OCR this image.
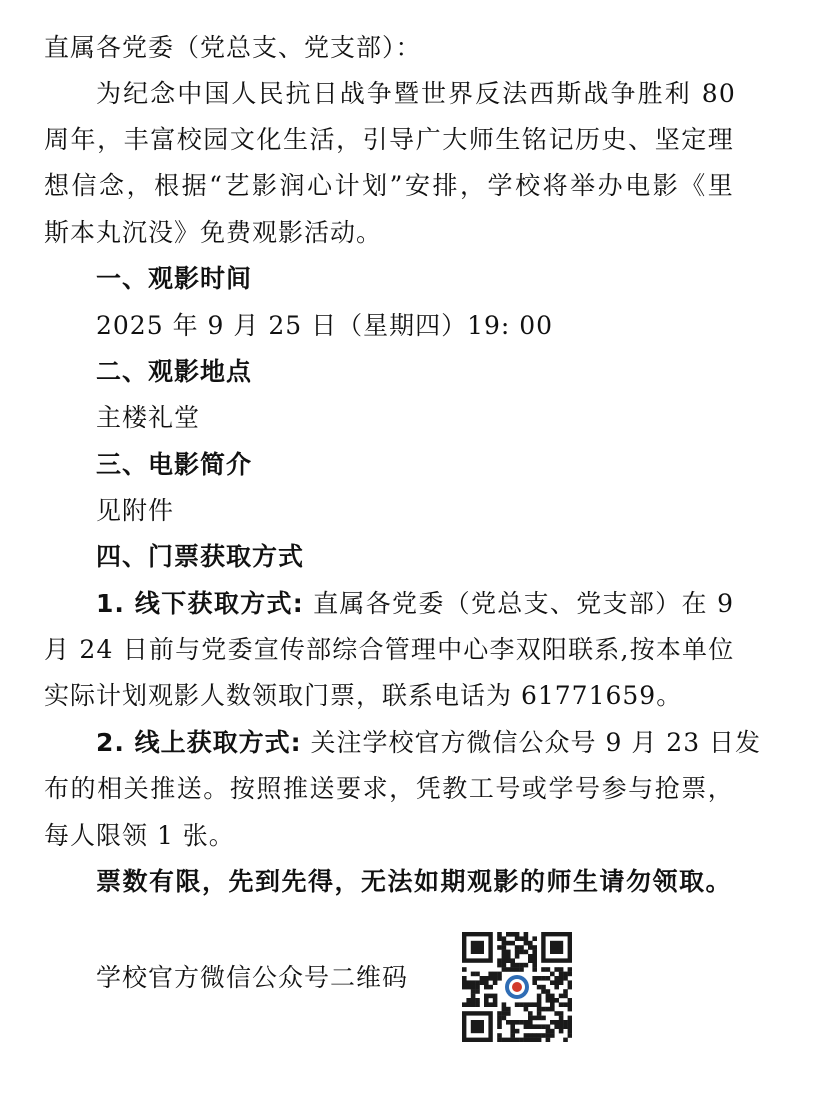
直属各党委（党总支、党支部）：
为纪念中国人民抗日战争暨世界反法西斯战争胜利 80
周年，丰富校园文化生活，引导广大师生铭记历史、坚定理
想信念，根据“艺影润心计划”安排，学校将举办电影《里
斯本丸沉没》免费观影活动。
一、观影时间
2025 年 9 月 25 日（星期四）19: 00
二、观影地点
主楼礼堂
三、电影简介
见附件
四、门票获取方式
1. 线下获取方式: 直属各党委（党总支、党支部）在 9
月 24 日前与党委宣传部综合管理中心李双阳联系,按本单位
实际计划观影人数领取门票，联系电话为 61771659。
2. 线上获取方式: 关注学校官方微信公众号 9 月 23 日发
布的相关推送。按照推送要求，凭教工号或学号参与抢票，
每人限领 1 张。
票数有限，先到先得，无法如期观影的师生请勿领取。
学校官方微信公众号二维码
